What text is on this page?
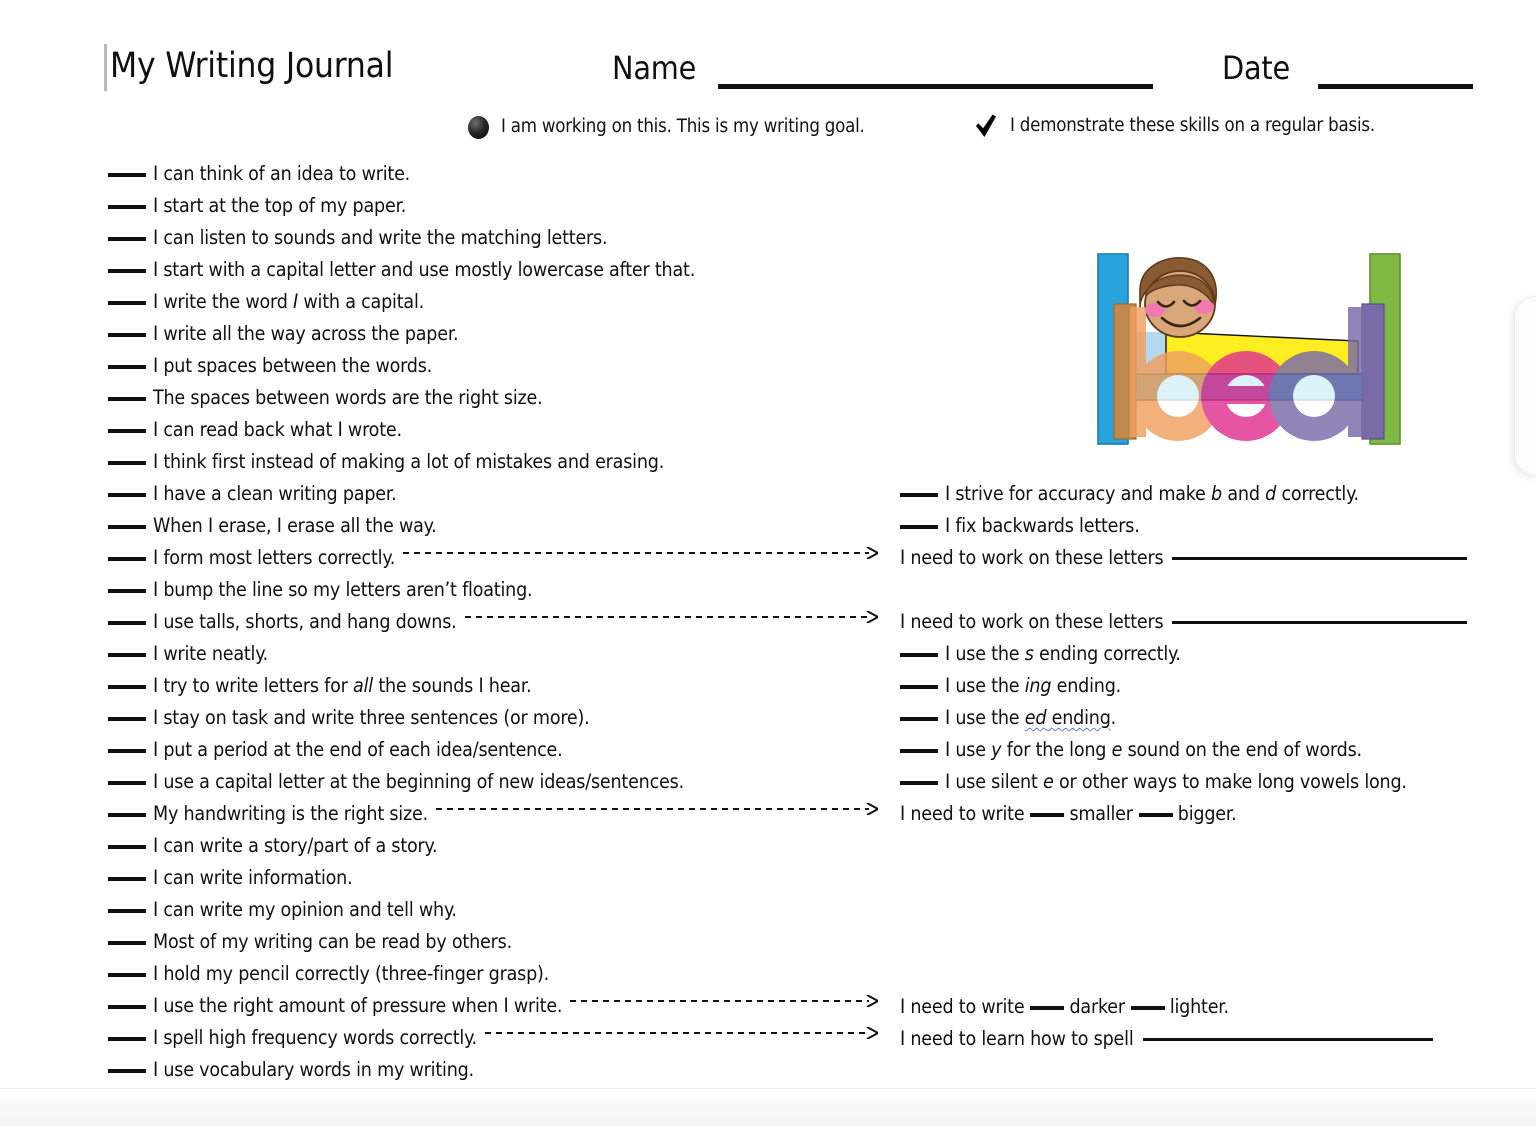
My Writing Journal	Name	Date
I am working on this. This is my writing goal.	I demonstrate these skills on a regular basis.
I can think of an idea to write.
I start at the top of my paper.
I can listen to sounds and write the matching letters.
I start with a capital letter and use mostly lowercase after that.
I write the word I with a capital.
I write all the way across the paper.
I put spaces between the words.
The spaces between words are the right size.
I can read back what I wrote.
I think first instead of making a lot of mistakes and erasing.
I have a clean writing paper.
When I erase, I erase all the way.
I form most letters correctly.
I bump the line so my letters aren’t floating.
I use talls, shorts, and hang downs.
I write neatly.
I try to write letters for all the sounds I hear.
I stay on task and write three sentences (or more).
I put a period at the end of each idea/sentence.
I use a capital letter at the beginning of new ideas/sentences.
My handwriting is the right size.
I can write a story/part of a story.
I can write information.
I can write my opinion and tell why.
Most of my writing can be read by others.
I hold my pencil correctly (three-finger grasp).
I use the right amount of pressure when I write.
I spell high frequency words correctly.
I use vocabulary words in my writing.
I strive for accuracy and make b and d correctly.
I fix backwards letters.
I need to work on these letters
I need to work on these letters
I use the s ending correctly.
I use the ing ending.
I use the ed ending.
I use y for the long e sound on the end of words.
I use silent e or other ways to make long vowels long.
I need to write smaller bigger.
I need to write darker lighter.
I need to learn how to spell
